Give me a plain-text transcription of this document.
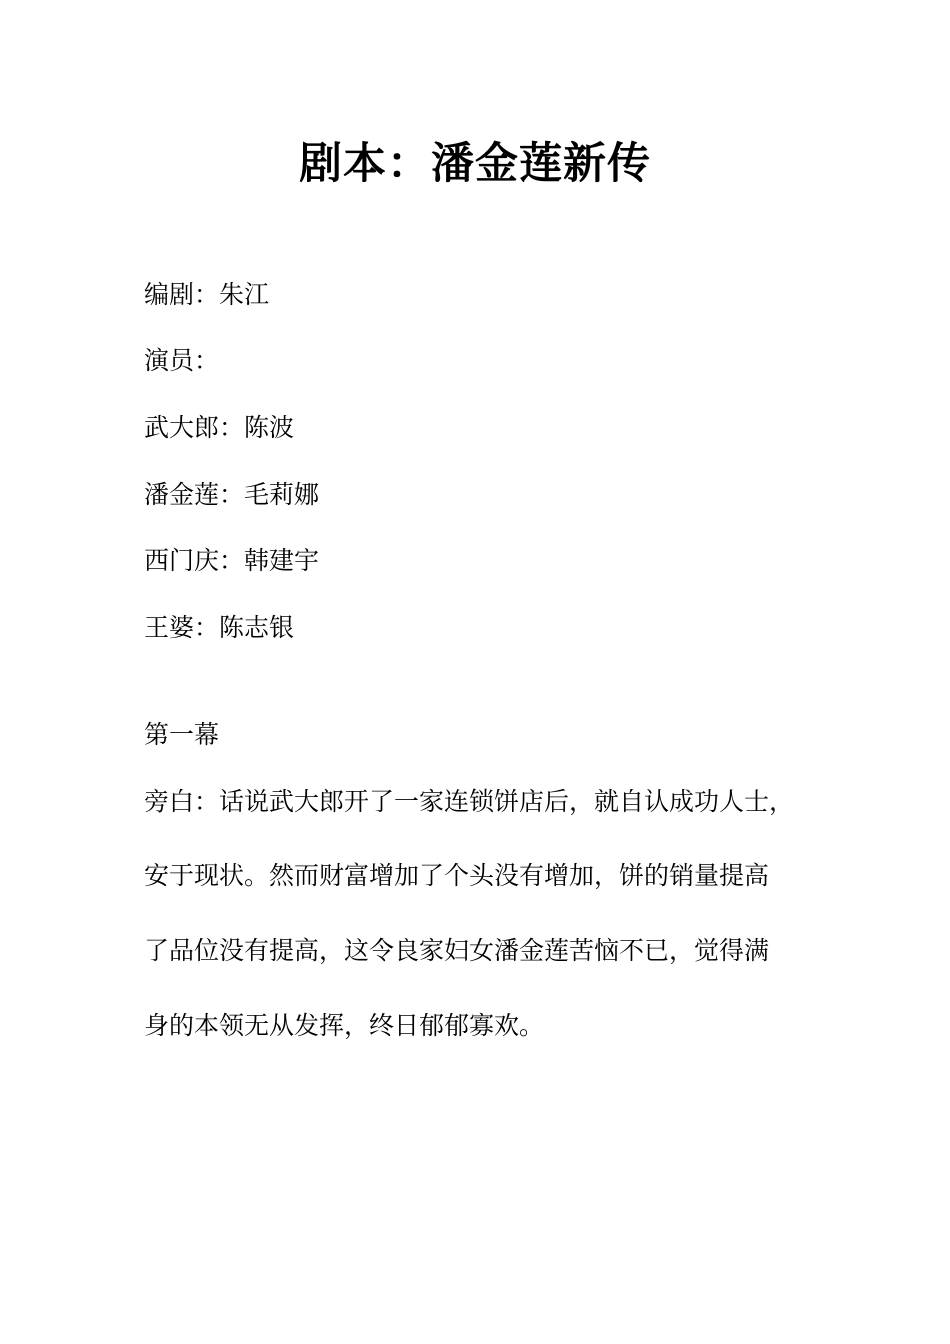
剧本：潘金莲新传
编剧：朱江
演员：
武大郎：陈波
潘金莲：毛莉娜
西门庆：韩建宇
王婆：陈志银
第一幕
旁白：话说武大郎开了一家连锁饼店后，就自认成功人士，
安于现状。然而财富增加了个头没有增加，饼的销量提高
了品位没有提高，这令良家妇女潘金莲苦恼不已，觉得满
身的本领无从发挥，终日郁郁寡欢。
